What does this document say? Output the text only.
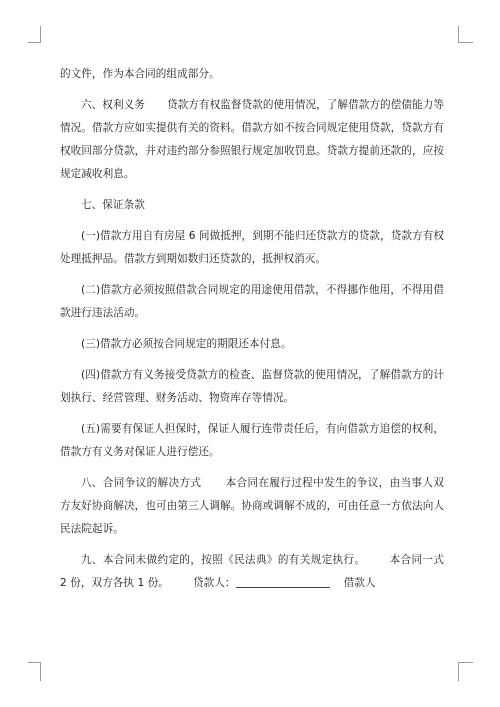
的文件，作为本合同的组成部分。

六、权利义务 贷款方有权监督贷款的使用情况，了解借款方的偿债能力等情况。借款方应如实提供有关的资料。借款方如不按合同规定使用贷款，贷款方有权收回部分贷款，并对违约部分参照银行规定加收罚息。贷款方提前还款的，应按规定减收利息。

七、保证条款

(一)借款方用自有房屋 6 间做抵押，到期不能归还贷款方的贷款，贷款方有权处理抵押品。借款方到期如数归还贷款的，抵押权消灭。

(二)借款方必须按照借款合同规定的用途使用借款，不得挪作他用，不得用借款进行违法活动。

(三)借款方必须按合同规定的期限还本付息。

(四)借款方有义务接受贷款方的检查、监督贷款的使用情况，了解借款方的计划执行、经营管理、财务活动、物资库存等情况。

(五)需要有保证人担保时，保证人履行连带责任后，有向借款方追偿的权利，借款方有义务对保证人进行偿还。

八、合同争议的解决方式 本合同在履行过程中发生的争议，由当事人双方友好协商解决，也可由第三人调解。协商或调解不成的，可由任意一方依法向人民法院起诉。

九、本合同未做约定的，按照《民法典》的有关规定执行。 本合同一式 2 份，双方各执 1 份。 贷款人：	借款人
